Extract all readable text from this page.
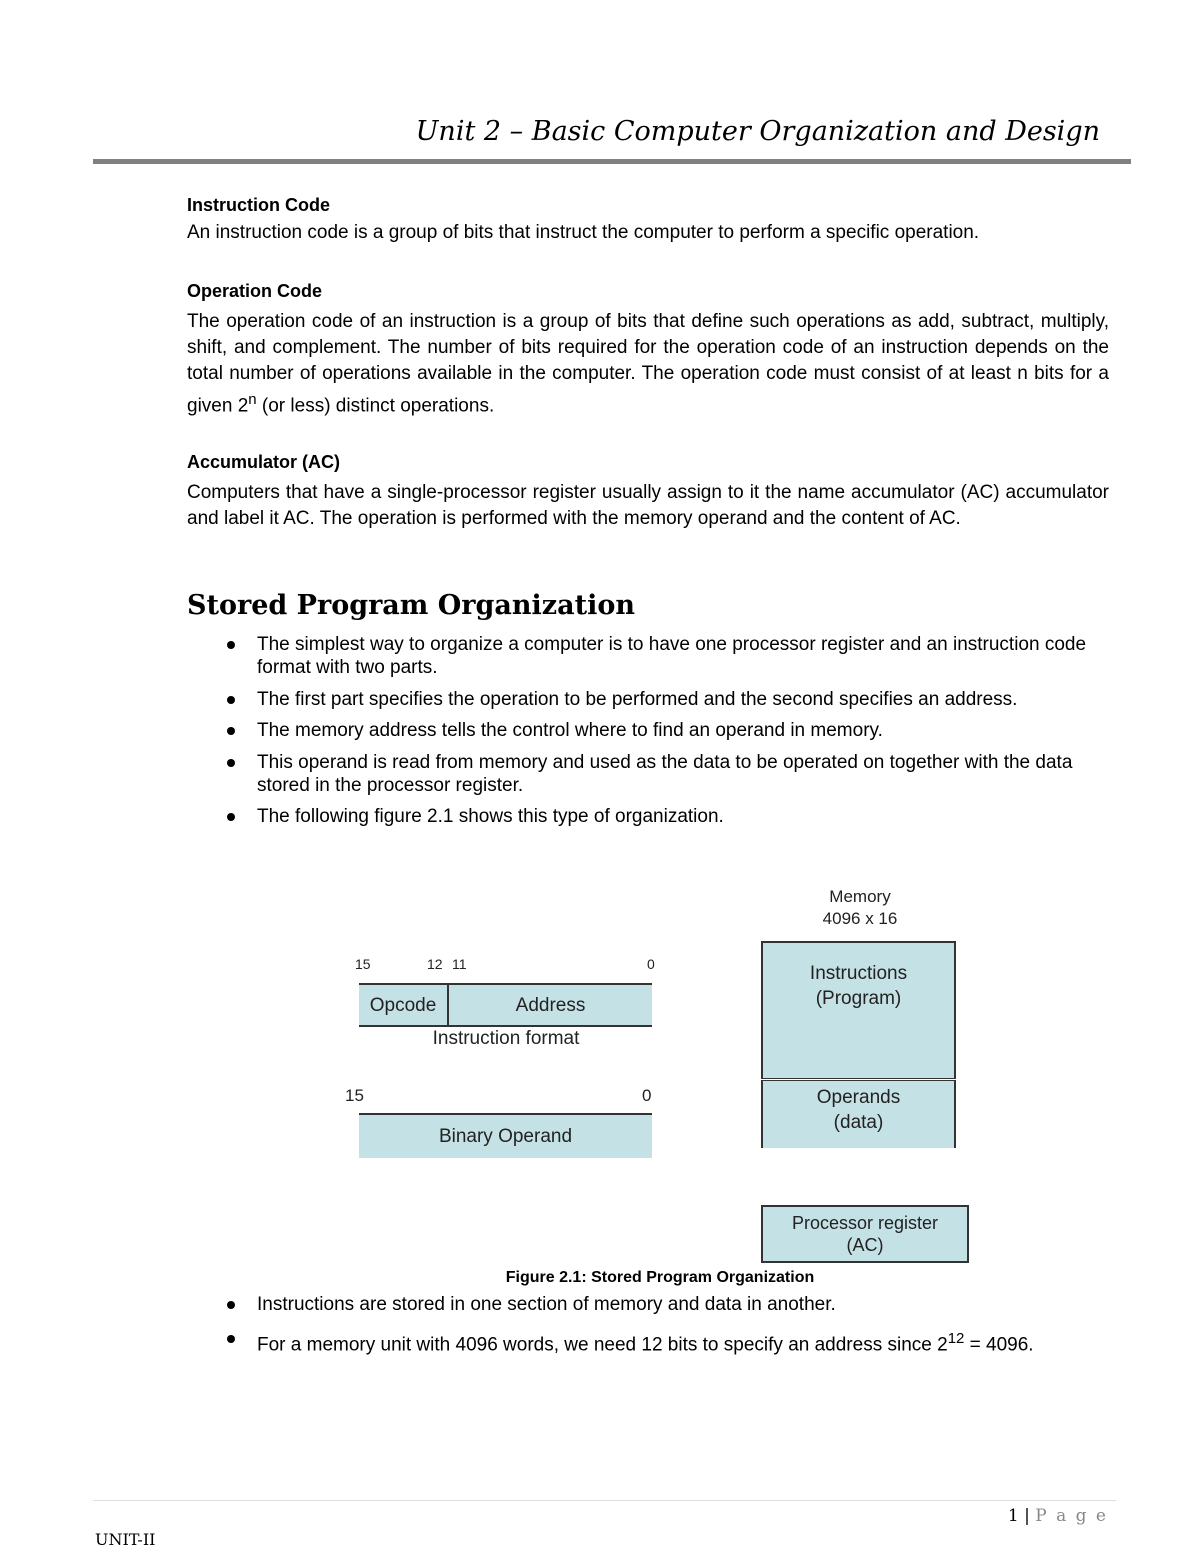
Unit 2 – Basic Computer Organization and Design
Instruction Code
An instruction code is a group of bits that instruct the computer to perform a specific operation.
Operation Code
The operation code of an instruction is a group of bits that define such operations as add, subtract, multiply, shift, and complement. The number of bits required for the operation code of an instruction depends on the total number of operations available in the computer. The operation code must consist of at least n bits for a given 2$^n$ (or less) distinct operations.
Accumulator (AC)
Computers that have a single-processor register usually assign to it the name accumulator (AC) accumulator and label it AC. The operation is performed with the memory operand and the content of AC.
Stored Program Organization
The simplest way to organize a computer is to have one processor register and an instruction code format with two parts.
The first part specifies the operation to be performed and the second specifies an address.
The memory address tells the control where to find an operand in memory.
This operand is read from memory and used as the data to be operated on together with the data stored in the processor register.
The following figure 2.1 shows this type of organization.
15	12 11	0
Opcode	Address
Instruction format
15	0
Binary Operand
Memory
4096 x 16
Instructions
(Program)
Operands
(data)
Processor register
(AC)
Figure 2.1: Stored Program Organization
Instructions are stored in one section of memory and data in another.
For a memory unit with 4096 words, we need 12 bits to specify an address since $2^{12} = 4096$.
1 | P a g e
UNIT-II
